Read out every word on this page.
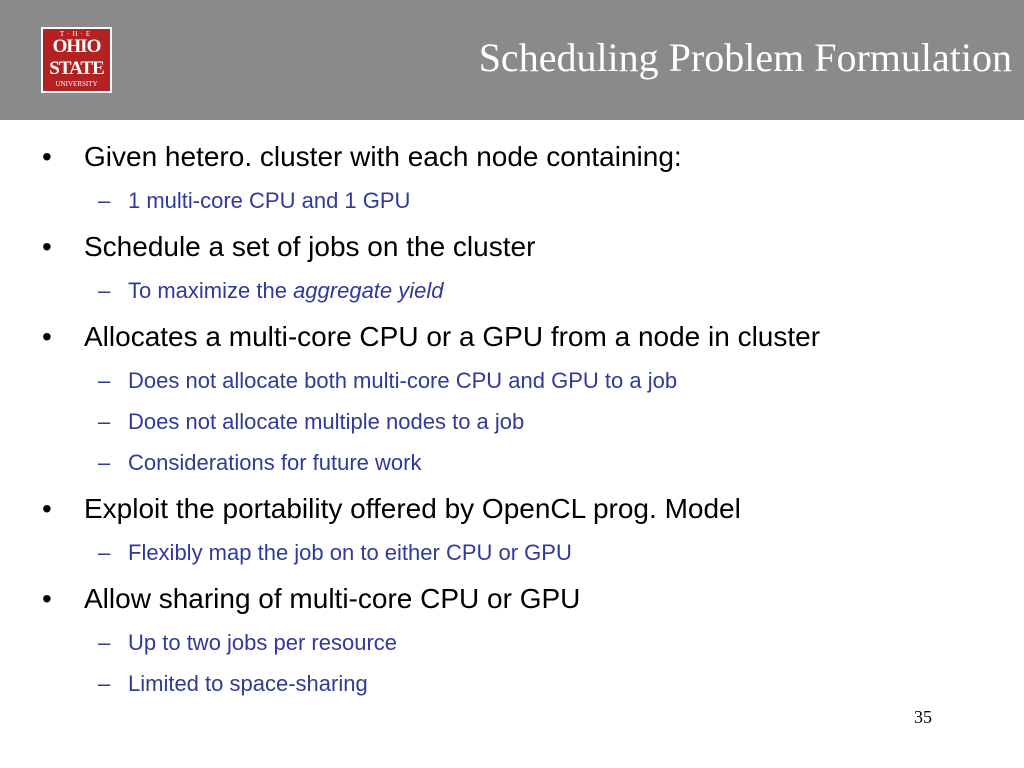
T·H·E
OHIO
STATE
UNIVERSITY
Scheduling Problem Formulation
• Given hetero. cluster with each node containing:
– 1 multi-core CPU and 1 GPU
• Schedule a set of jobs on the cluster
– To maximize the aggregate yield
• Allocates a multi-core CPU or a GPU from a node in cluster
– Does not allocate both multi-core CPU and GPU to a job
– Does not allocate multiple nodes to a job
– Considerations for future work
• Exploit the portability offered by OpenCL prog. Model
– Flexibly map the job on to either CPU or GPU
• Allow sharing of multi-core CPU or GPU
– Up to two jobs per resource
– Limited to space-sharing
35
